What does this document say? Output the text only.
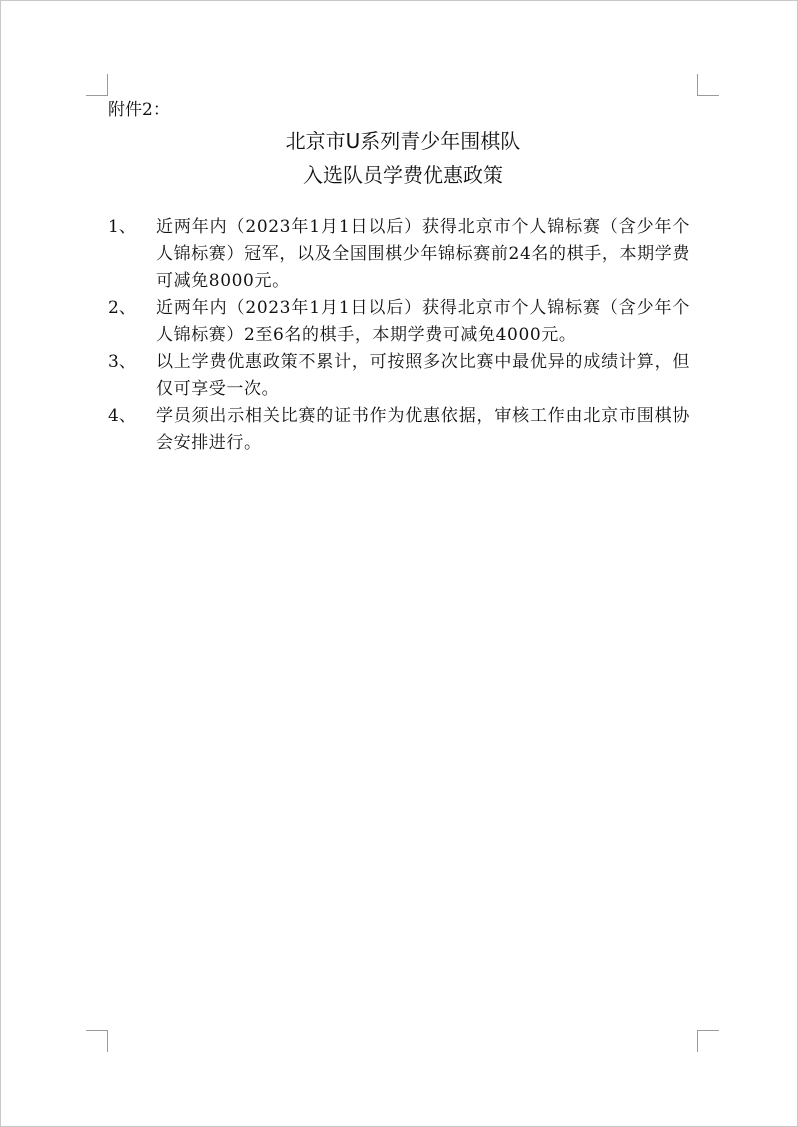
附件2：
北京市U系列青少年围棋队
入选队员学费优惠政策
1、 近两年内（2023年1月1日以后）获得北京市个人锦标赛（含少年个人锦标赛）冠军，以及全国围棋少年锦标赛前24名的棋手，本期学费可减免8000元。
2、 近两年内（2023年1月1日以后）获得北京市个人锦标赛（含少年个人锦标赛）2至6名的棋手，本期学费可减免4000元。
3、 以上学费优惠政策不累计，可按照多次比赛中最优异的成绩计算，但仅可享受一次。
4、 学员须出示相关比赛的证书作为优惠依据，审核工作由北京市围棋协会安排进行。
